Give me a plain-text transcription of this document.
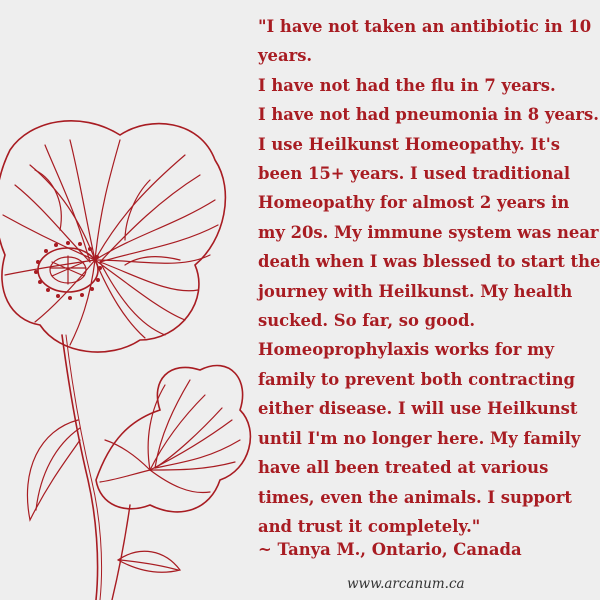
"I have not taken an antibiotic in 10
years.
I have not had the flu in 7 years.
I have not had pneumonia in 8 years.
I use Heilkunst Homeopathy. It's
been 15+ years. I used traditional
Homeopathy for almost 2 years in
my 20s. My immune system was near
death when I was blessed to start the
journey with Heilkunst. My health
sucked. So far, so good.
Homeoprophylaxis works for my
family to prevent both contracting
either disease. I will use Heilkunst
until I'm no longer here. My family
have all been treated at various
times, even the animals. I support
and trust it completely."

~ Tanya M., Ontario, Canada
www.arcanum.ca
